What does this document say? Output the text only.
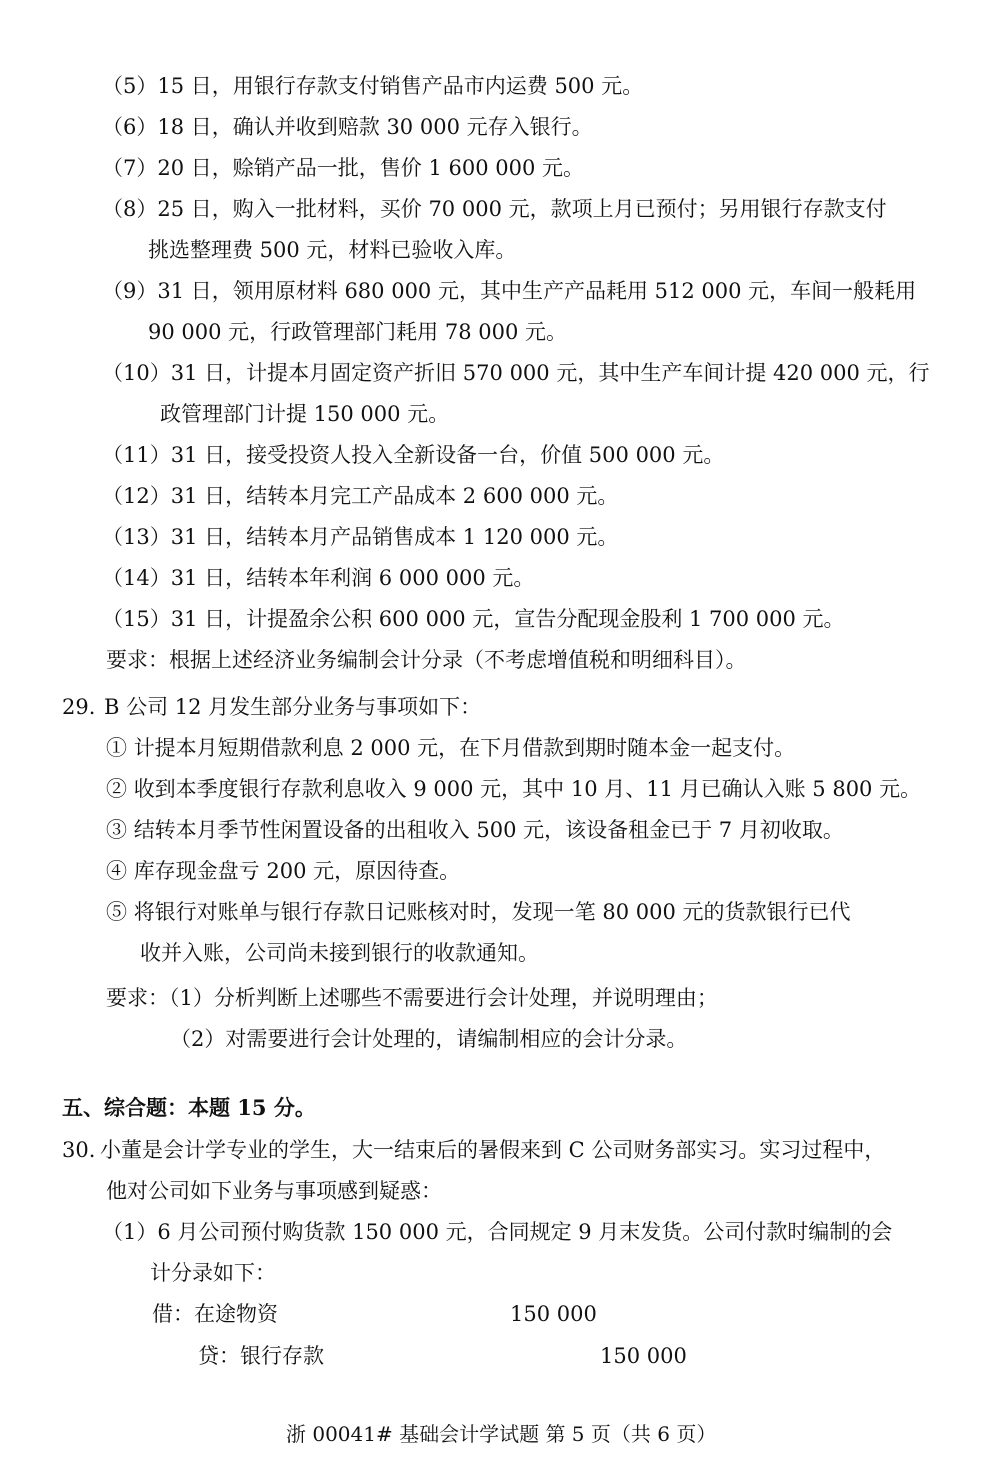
（5）15 日，用银行存款支付销售产品市内运费 500 元。
（6）18 日，确认并收到赔款 30 000 元存入银行。
（7）20 日，赊销产品一批，售价 1 600 000 元。
（8）25 日，购入一批材料，买价 70 000 元，款项上月已预付；另用银行存款支付
挑选整理费 500 元，材料已验收入库。
（9）31 日，领用原材料 680 000 元，其中生产产品耗用 512 000 元，车间一般耗用
90 000 元，行政管理部门耗用 78 000 元。
（10）31 日，计提本月固定资产折旧 570 000 元，其中生产车间计提 420 000 元，行
政管理部门计提 150 000 元。
（11）31 日，接受投资人投入全新设备一台，价值 500 000 元。
（12）31 日，结转本月完工产品成本 2 600 000 元。
（13）31 日，结转本月产品销售成本 1 120 000 元。
（14）31 日，结转本年利润 6 000 000 元。
（15）31 日，计提盈余公积 600 000 元，宣告分配现金股利 1 700 000 元。
要求：根据上述经济业务编制会计分录（不考虑增值税和明细科目）。
29. B 公司 12 月发生部分业务与事项如下：
① 计提本月短期借款利息 2 000 元，在下月借款到期时随本金一起支付。
② 收到本季度银行存款利息收入 9 000 元，其中 10 月、11 月已确认入账 5 800 元。
③ 结转本月季节性闲置设备的出租收入 500 元，该设备租金已于 7 月初收取。
④ 库存现金盘亏 200 元，原因待查。
⑤ 将银行对账单与银行存款日记账核对时，发现一笔 80 000 元的货款银行已代
收并入账，公司尚未接到银行的收款通知。
要求：（1）分析判断上述哪些不需要进行会计处理，并说明理由；
（2）对需要进行会计处理的，请编制相应的会计分录。
五、综合题：本题 15 分。
30. 小董是会计学专业的学生，大一结束后的暑假来到 C 公司财务部实习。实习过程中，
他对公司如下业务与事项感到疑惑：
（1）6 月公司预付购货款 150 000 元，合同规定 9 月末发货。公司付款时编制的会
计分录如下：
借：在途物资	150 000
贷：银行存款	150 000
浙 00041# 基础会计学试题 第 5 页（共 6 页）
